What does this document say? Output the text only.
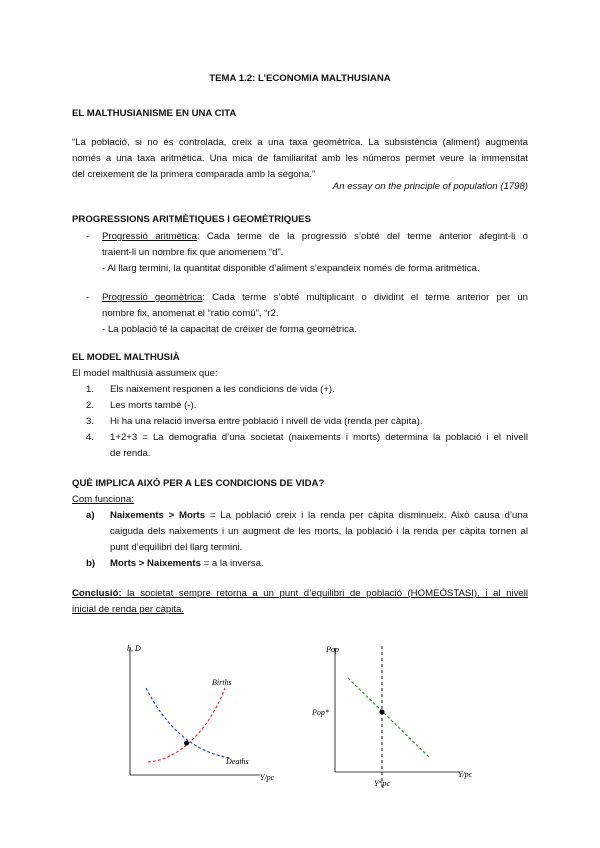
TEMA 1.2: L’ECONOMIA MALTHUSIANA
EL MALTHUSIANISME EN UNA CITA
“La població, si no és controlada, creix a una taxa geomètrica. La subsistència (aliment) augmenta
només a una taxa aritmètica. Una mica de familiaritat amb les números permet veure la immensitat
del creixement de la primera comparada amb la segona.”
An essay on the principle of population (1798)
PROGRESSIONS ARITMÈTIQUES I GEOMÈTRIQUES
- Progressió aritmètica: Cada terme de la progressió s’obté del terme anterior afegint-li o
traient-li un nombre fix que anomenem “d”.
- Al llarg termini, la quantitat disponible d’aliment s’expandeix només de forma aritmètica.
- Progressió geomètrica: Cada terme s’obté multiplicant o dividint el terme anterior per un
nombre fix, anomenat el “ratio comú”, “r2.
- La població té la capacitat de créixer de forma geomètrica.
EL MODEL MALTHUSIÀ
El model malthusià assumeix que:
1. Els naixement responen a les condicions de vida (+).
2. Les morts també (-).
3. Hi ha una relació inversa entre població i nivell de vida (renda per càpita).
4. 1+2+3 = La demografia d’una societat (naixements i morts) determina la població i el nivell
de renda.
QUÈ IMPLICA AIXÒ PER A LES CONDICIONS DE VIDA?
Com funciona:
a) Naixements > Morts = La població creix i la renda per càpita disminueix. Això causa d’una
caiguda dels naixements i un augment de les morts, la població i la renda per càpita tornen al
punt d’equilibri del llarg termini.
b) Morts > Naixements = a la inversa.
Conclusió: la societat sempre retorna a un punt d’equilibri de població (HOMEÒSTASI), i al nivell
inicial de renda per càpita.
b, D
Y/pc
Births
Deaths
Pop
Y/pc
Pop*
Y*pc
